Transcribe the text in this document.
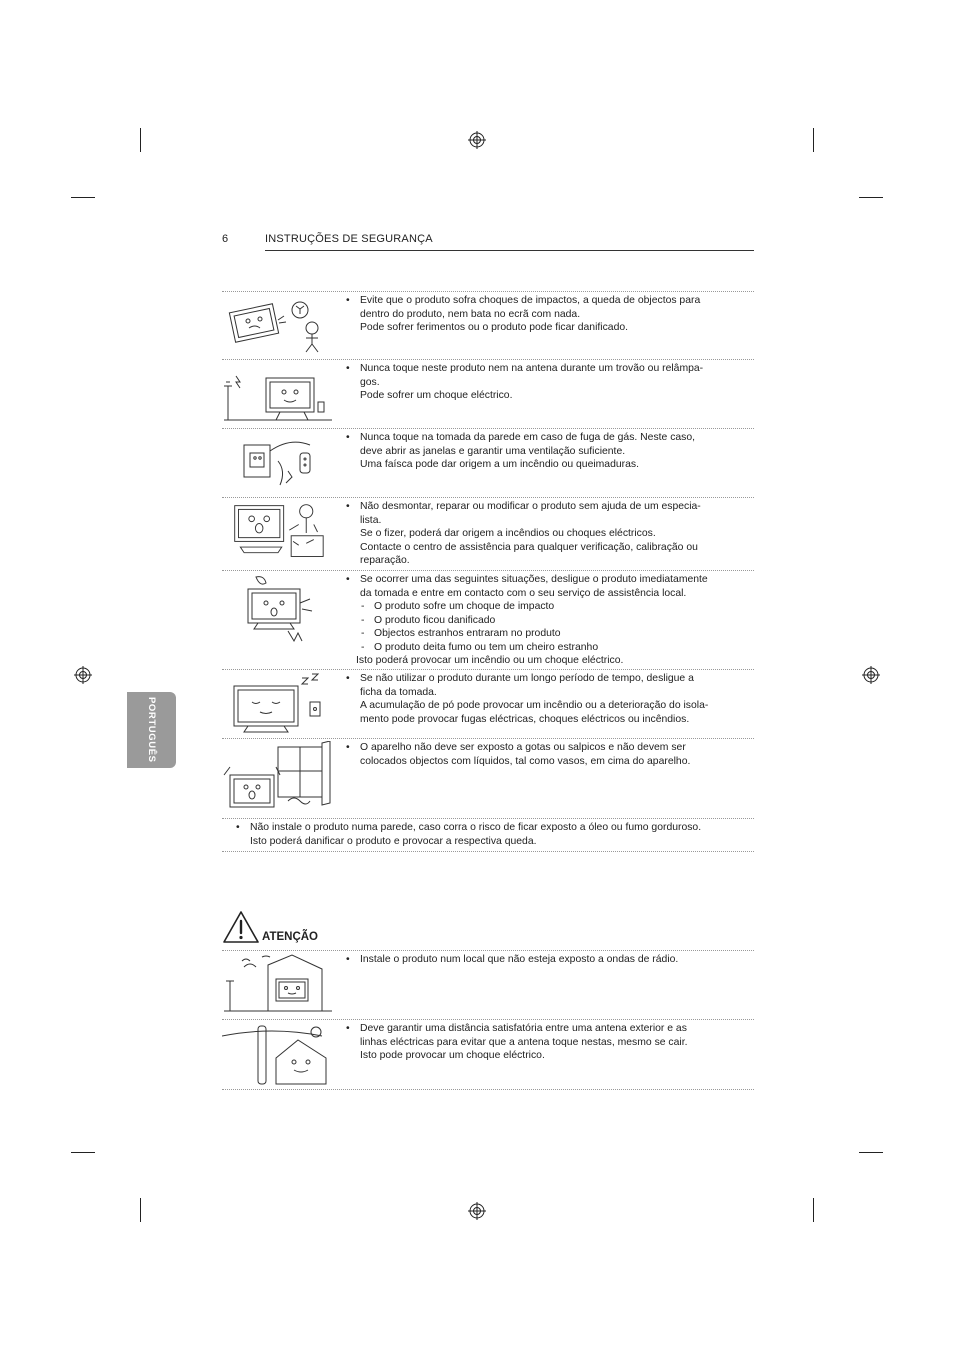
6	INSTRUÇÕES DE SEGURANÇA
PORTUGUÊS
• Evite que o produto sofra choques de impactos, a queda de objectos para
dentro do produto, nem bata no ecrã com nada.
Pode sofrer ferimentos ou o produto pode ficar danificado.
• Nunca toque neste produto nem na antena durante um trovão ou relâmpa-
gos.
Pode sofrer um choque eléctrico.
• Nunca toque na tomada da parede em caso de fuga de gás. Neste caso,
deve abrir as janelas e garantir uma ventilação suficiente.
Uma faísca pode dar origem a um incêndio ou queimaduras.
• Não desmontar, reparar ou modificar o produto sem ajuda de um especia-
lista.
Se o fizer, poderá dar origem a incêndios ou choques eléctricos.
Contacte o centro de assistência para qualquer verificação, calibração ou
reparação.
• Se ocorrer uma das seguintes situações, desligue o produto imediatamente
da tomada e entre em contacto com o seu serviço de assistência local.
- O produto sofre um choque de impacto
- O produto ficou danificado
- Objectos estranhos entraram no produto
- O produto deita fumo ou tem um cheiro estranho
Isto poderá provocar um incêndio ou um choque eléctrico.
• Se não utilizar o produto durante um longo período de tempo, desligue a
ficha da tomada.
A acumulação de pó pode provocar um incêndio ou a deterioração do isola-
mento pode provocar fugas eléctricas, choques eléctricos ou incêndios.
• O aparelho não deve ser exposto a gotas ou salpicos e não devem ser
colocados objectos com líquidos, tal como vasos, em cima do aparelho.
• Não instale o produto numa parede, caso corra o risco de ficar exposto a óleo ou fumo gorduroso.
Isto poderá danificar o produto e provocar a respectiva queda.
ATENÇÃO
• Instale o produto num local que não esteja exposto a ondas de rádio.
• Deve garantir uma distância satisfatória entre uma antena exterior e as
linhas eléctricas para evitar que a antena toque nestas, mesmo se cair.
Isto pode provocar um choque eléctrico.
